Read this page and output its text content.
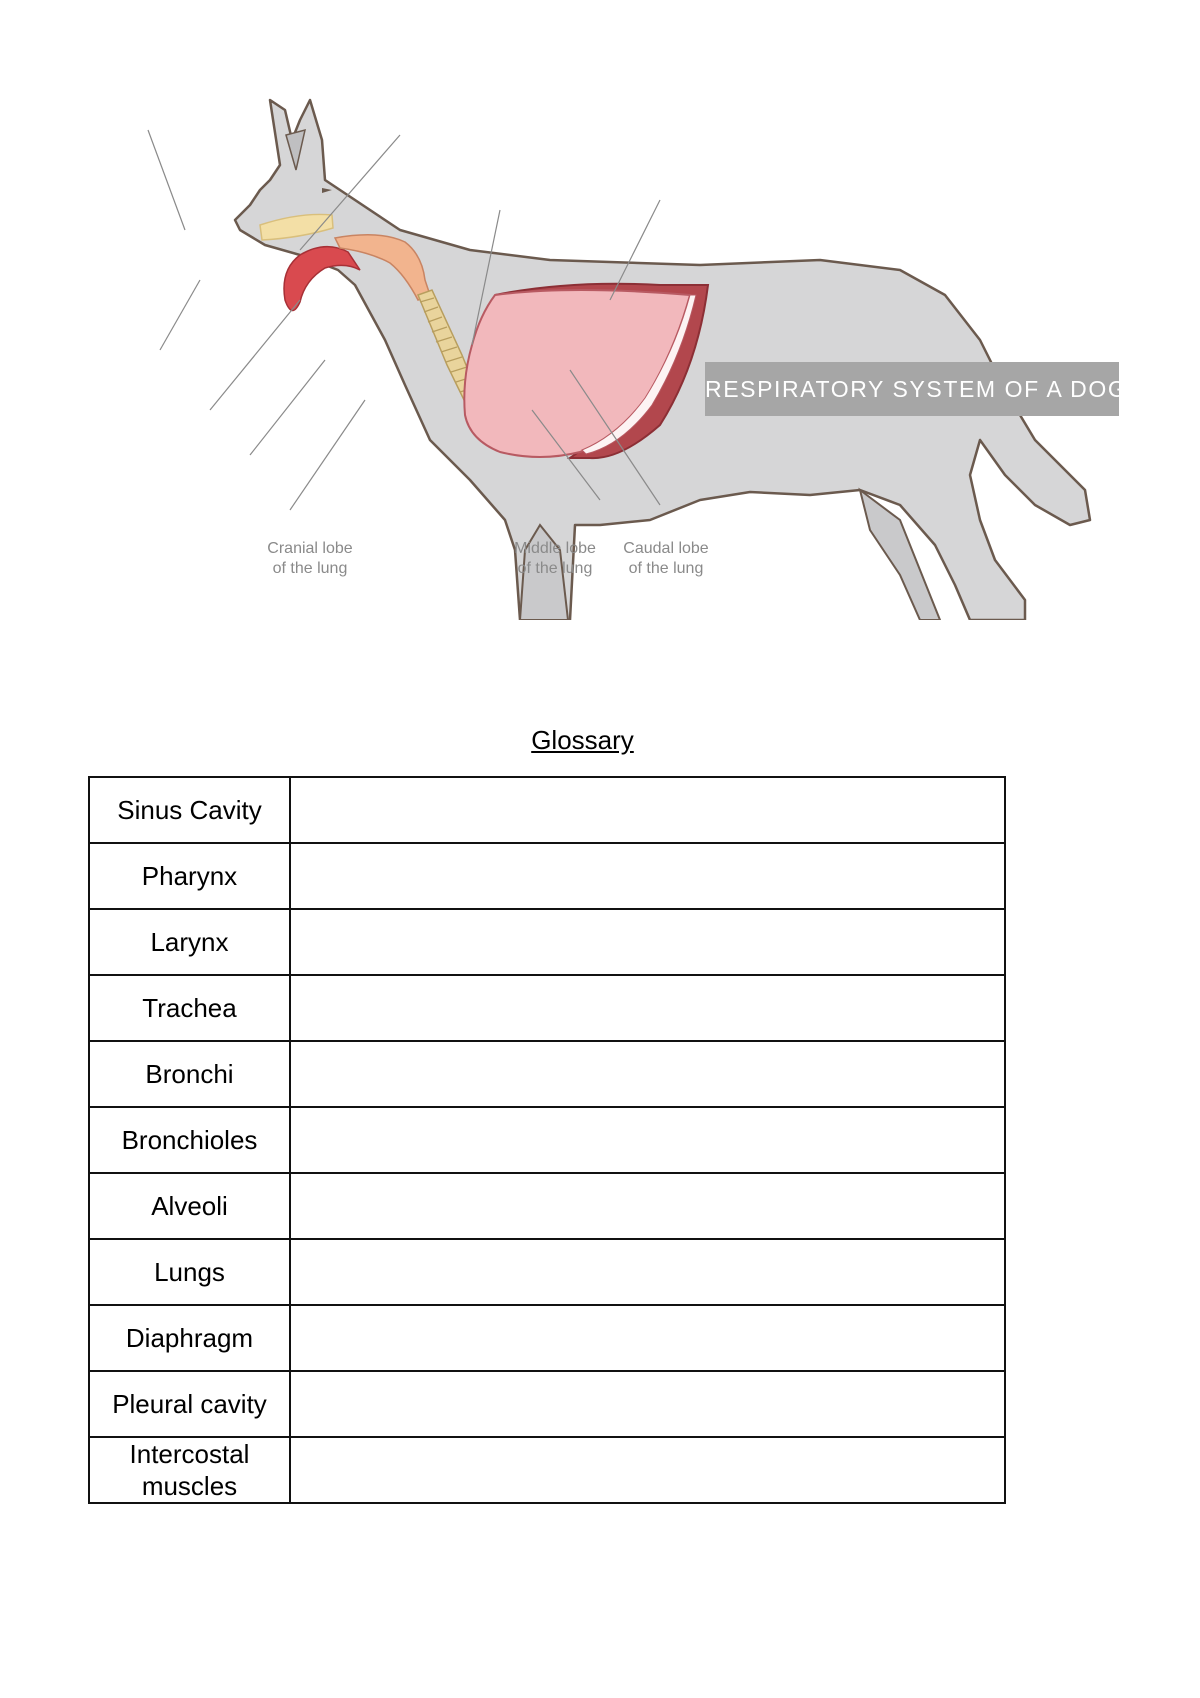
Cranial lobe
of the lung
Middle lobe
of the lung
Caudal lobe
of the lung
RESPIRATORY SYSTEM OF A DOG
Glossary
Sinus Cavity	
Pharynx	
Larynx	
Trachea	
Bronchi	
Bronchioles	
Alveoli	
Lungs	
Diaphragm	
Pleural cavity	
Intercostal muscles	
